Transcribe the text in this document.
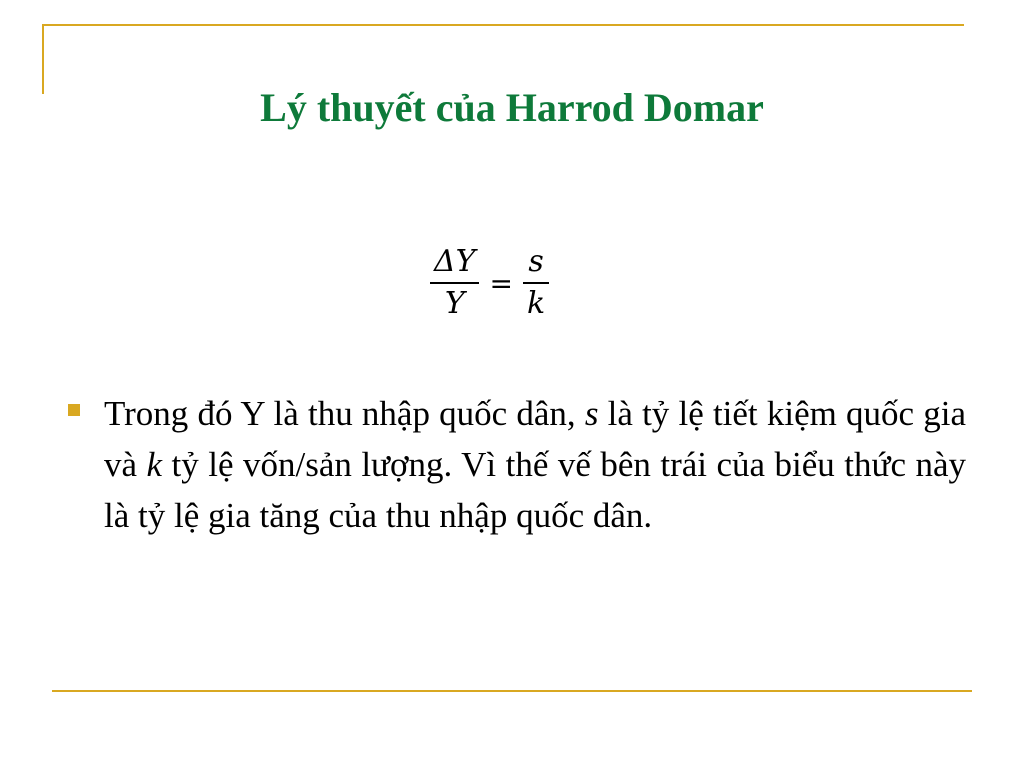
Lý thuyết của Harrod Domar
$\frac{\Delta Y}{Y} = \frac{s}{k}$
Trong đó Y là thu nhập quốc dân, s là tỷ lệ tiết kiệm quốc gia và k tỷ lệ vốn/sản lượng. Vì thế vế bên trái của biểu thức này là tỷ lệ gia tăng của thu nhập quốc dân.
